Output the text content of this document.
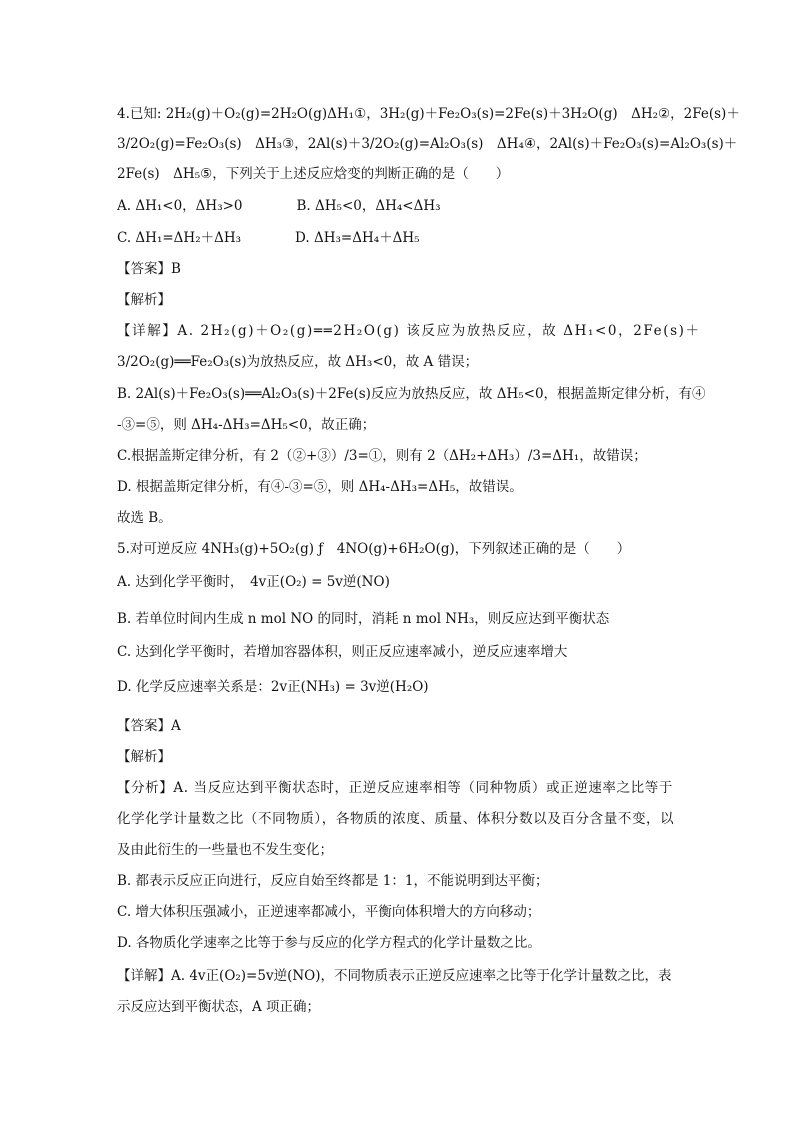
4.已知: 2H₂(g)＋O₂(g)=2H₂O(g)ΔH₁①，3H₂(g)＋Fe₂O₃(s)=2Fe(s)＋3H₂O(g)　ΔH₂②，2Fe(s)＋
3/2O₂(g)=Fe₂O₃(s)　ΔH₃③，2Al(s)＋3/2O₂(g)=Al₂O₃(s)　ΔH₄④，2Al(s)＋Fe₂O₃(s)=Al₂O₃(s)＋
2Fe(s)　ΔH₅⑤，下列关于上述反应焓变的判断正确的是（　　）
A. ΔH₁<0，ΔH₃>0　　　　B. ΔH₅<0，ΔH₄<ΔH₃
C. ΔH₁=ΔH₂＋ΔH₃　　　　D. ΔH₃=ΔH₄＋ΔH₅
【答案】B
【解析】
【详解】A. 2H₂(g)＋O₂(g)══2H₂O(g) 该反应为放热反应，故 ΔH₁<0，2Fe(s)＋
3/2O₂(g)══Fe₂O₃(s)为放热反应，故 ΔH₃<0，故 A 错误；
B. 2Al(s)＋Fe₂O₃(s)══Al₂O₃(s)＋2Fe(s)反应为放热反应，故 ΔH₅<0，根据盖斯定律分析，有④
-③=⑤，则 ΔH₄-ΔH₃=ΔH₅<0，故正确；
C.根据盖斯定律分析，有 2（②+③）/3=①，则有 2（ΔH₂+ΔH₃）/3=ΔH₁，故错误；
D. 根据盖斯定律分析，有④-③=⑤，则 ΔH₄-ΔH₃=ΔH₅，故错误。
故选 B。
5.对可逆反应 4NH₃(g)+5O₂(g) ƒ　4NO(g)+6H₂O(g)，下列叙述正确的是（　　）
A. 达到化学平衡时，　4v正(O₂) = 5v逆(NO)
B. 若单位时间内生成 n mol NO 的同时，消耗 n mol NH₃，则反应达到平衡状态
C. 达到化学平衡时，若增加容器体积，则正反应速率减小，逆反应速率增大
D. 化学反应速率关系是：2v正(NH₃) = 3v逆(H₂O)
【答案】A
【解析】
【分析】A. 当反应达到平衡状态时，正逆反应速率相等（同种物质）或正逆速率之比等于
化学化学计量数之比（不同物质），各物质的浓度、质量、体积分数以及百分含量不变，以
及由此衍生的一些量也不发生变化；
B. 都表示反应正向进行，反应自始至终都是 1：1，不能说明到达平衡；
C. 增大体积压强减小，正逆速率都减小，平衡向体积增大的方向移动；
D. 各物质化学速率之比等于参与反应的化学方程式的化学计量数之比。
【详解】A. 4v正(O₂)=5v逆(NO)，不同物质表示正逆反应速率之比等于化学计量数之比，表
示反应达到平衡状态，A 项正确；
